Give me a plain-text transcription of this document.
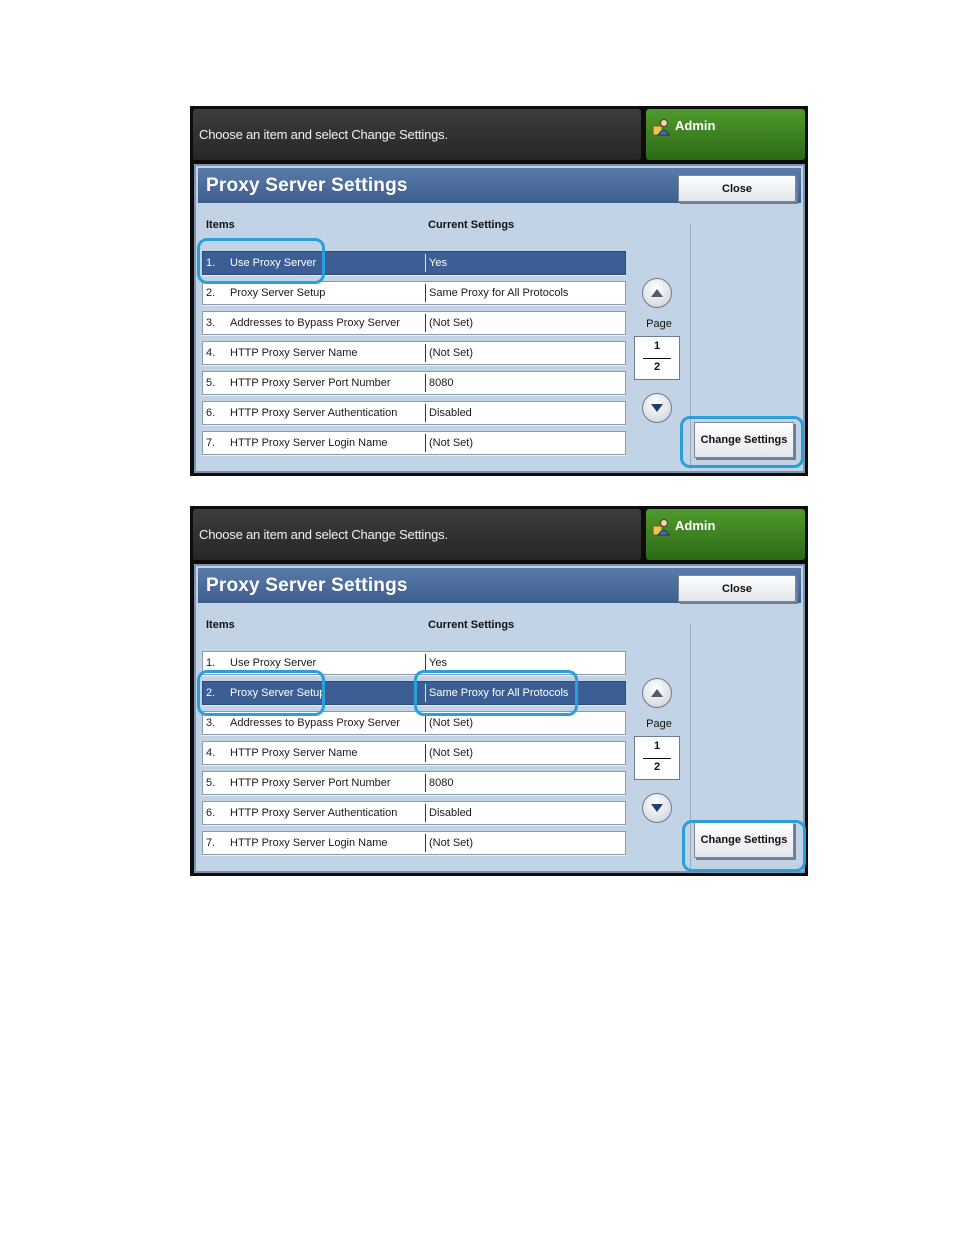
Choose an item and select Change Settings.
Admin
Proxy Server Settings	Close
Items	Current Settings
1. Use Proxy Server	Yes
2. Proxy Server Setup	Same Proxy for All Protocols
3. Addresses to Bypass Proxy Server	(Not Set)
4. HTTP Proxy Server Name	(Not Set)
5. HTTP Proxy Server Port Number	8080
6. HTTP Proxy Server Authentication	Disabled
7. HTTP Proxy Server Login Name	(Not Set)
Page
1
2
Change Settings
Choose an item and select Change Settings.
Admin
Proxy Server Settings	Close
Items	Current Settings
1. Use Proxy Server	Yes
2. Proxy Server Setup	Same Proxy for All Protocols
3. Addresses to Bypass Proxy Server	(Not Set)
4. HTTP Proxy Server Name	(Not Set)
5. HTTP Proxy Server Port Number	8080
6. HTTP Proxy Server Authentication	Disabled
7. HTTP Proxy Server Login Name	(Not Set)
Page
1
2
Change Settings
